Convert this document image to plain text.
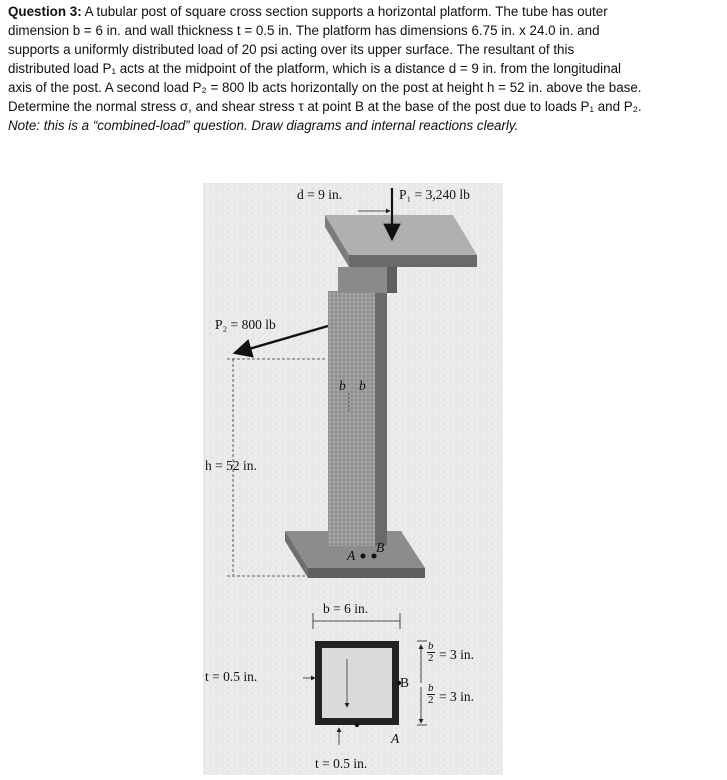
Question 3: A tubular post of square cross section supports a horizontal platform. The tube has outer
dimension b = 6 in. and wall thickness t = 0.5 in. The platform has dimensions 6.75 in. x 24.0 in. and
supports a uniformly distributed load of 20 psi acting over its upper surface. The resultant of this
distributed load P₁ acts at the midpoint of the platform, which is a distance d = 9 in. from the longitudinal
axis of the post. A second load P₂ = 800 lb acts horizontally on the post at height h = 52 in. above the base.
Determine the normal stress σ, and shear stress τ at point B at the base of the post due to loads P₁ and P₂.
Note: this is a “combined-load” question. Draw diagrams and internal reactions clearly.
d = 9 in.	P₁ = 3,240 lb
P₂ = 800 lb
h = 52 in.
b b
A
B
b = 6 in.
t = 0.5 in.
t = 0.5 in.
B
A
b
2 = 3 in.
b
2 = 3 in.
